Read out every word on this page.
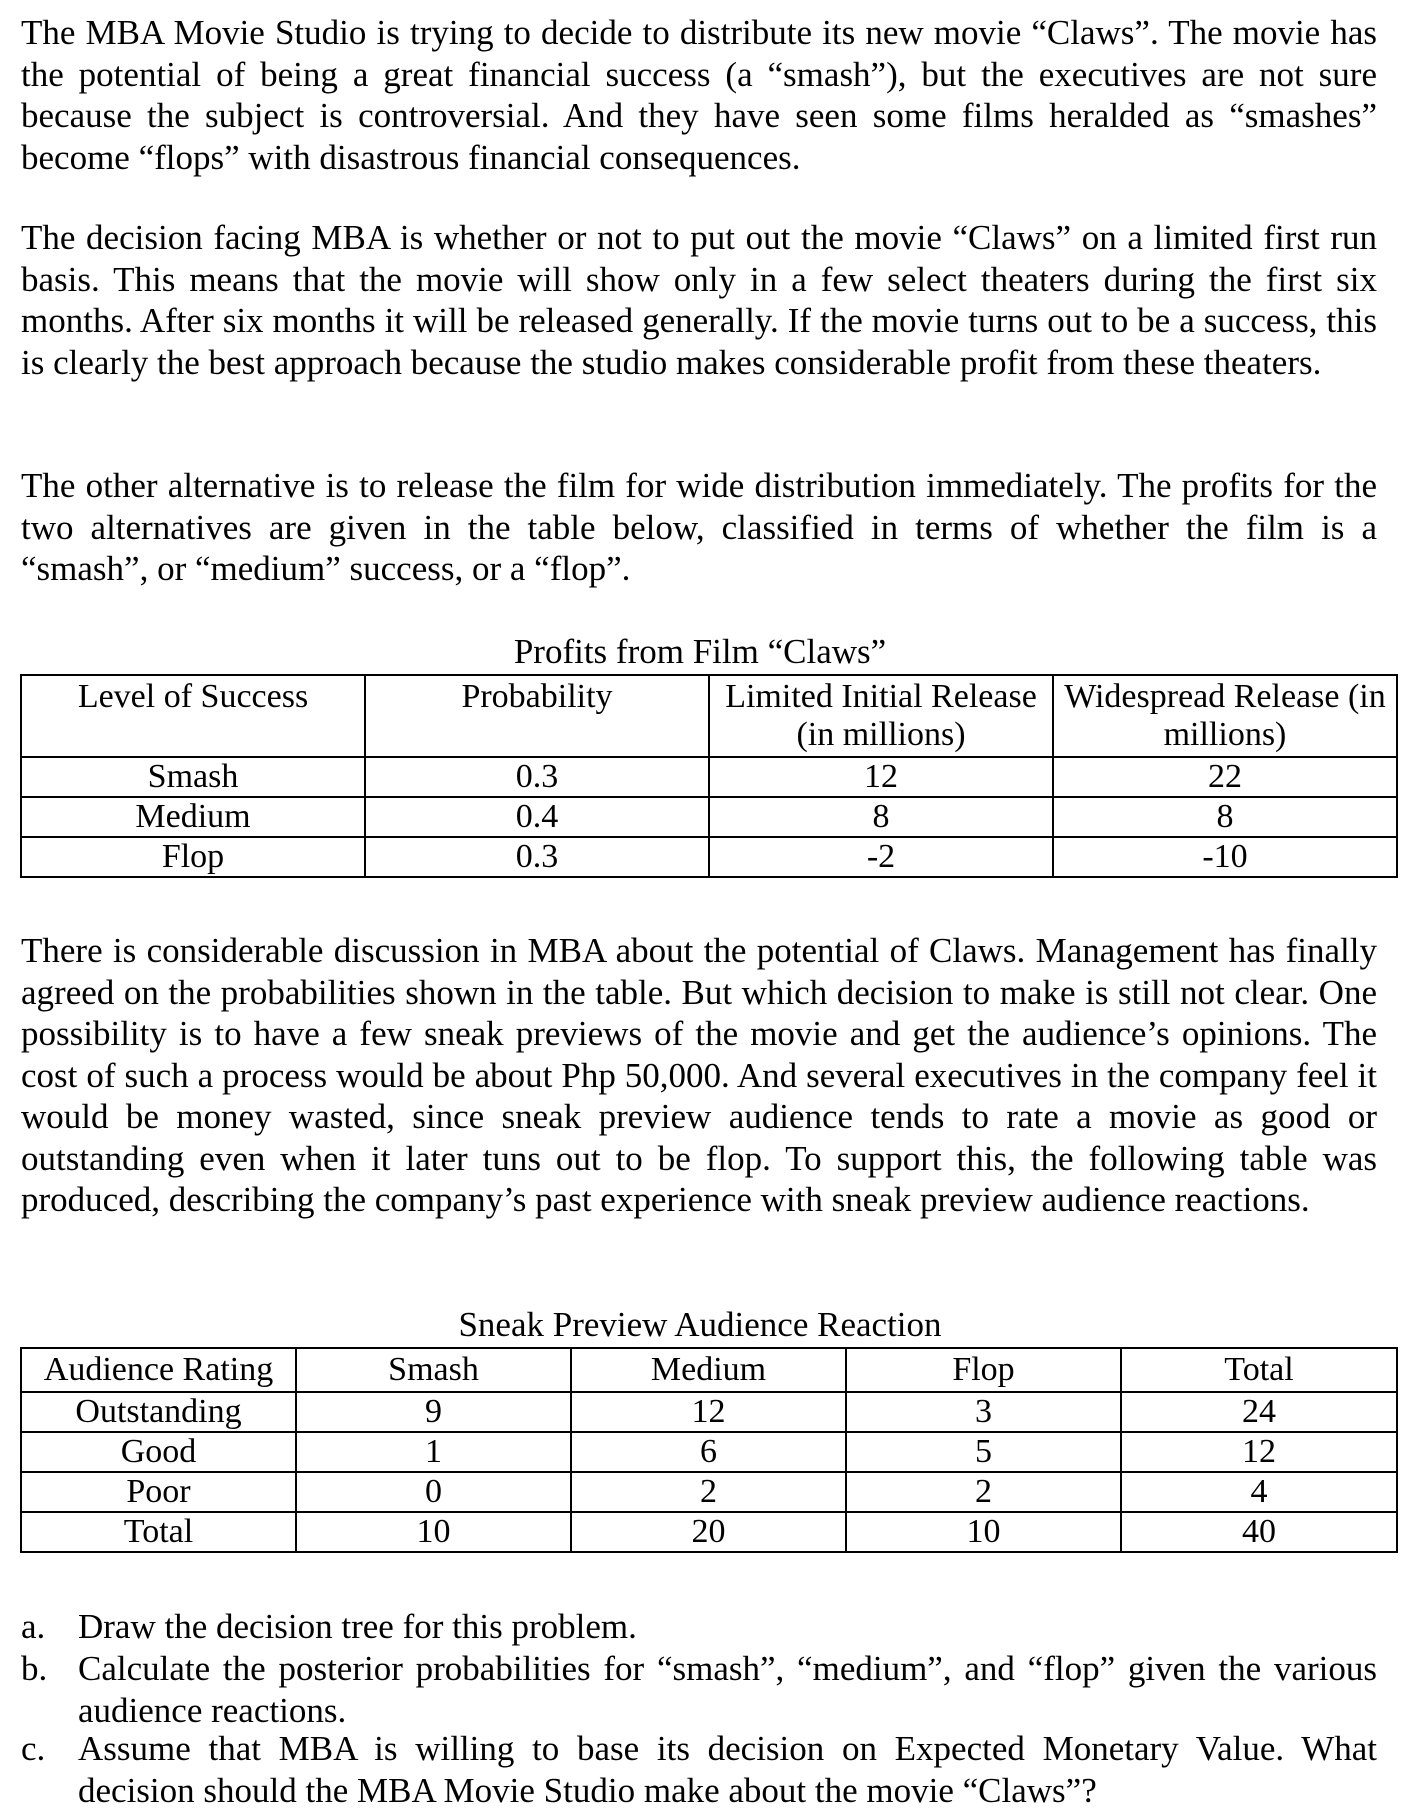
The MBA Movie Studio is trying to decide to distribute its new movie “Claws”. The movie has the potential of being a great financial success (a “smash”), but the executives are not sure because the subject is controversial. And they have seen some films heralded as “smashes” become “flops” with disastrous financial consequences.

The decision facing MBA is whether or not to put out the movie “Claws” on a limited first run basis. This means that the movie will show only in a few select theaters during the first six months. After six months it will be released generally. If the movie turns out to be a success, this is clearly the best approach because the studio makes considerable profit from these theaters.

The other alternative is to release the film for wide distribution immediately. The profits for the two alternatives are given in the table below, classified in terms of whether the film is a “smash”, or “medium” success, or a “flop”.

Profits from Film “Claws”

Level of Success	Probability	Limited Initial Release (in millions)	Widespread Release (in millions)
Smash	0.3	12	22
Medium	0.4	8	8
Flop	0.3	-2	-10

There is considerable discussion in MBA about the potential of Claws. Management has finally agreed on the probabilities shown in the table. But which decision to make is still not clear. One possibility is to have a few sneak previews of the movie and get the audience’s opinions. The cost of such a process would be about Php 50,000. And several executives in the company feel it would be money wasted, since sneak preview audience tends to rate a movie as good or outstanding even when it later tuns out to be flop. To support this, the following table was produced, describing the company’s past experience with sneak preview audience reactions.

Sneak Preview Audience Reaction

Audience Rating	Smash	Medium	Flop	Total
Outstanding	9	12	3	24
Good	1	6	5	12
Poor	0	2	2	4
Total	10	20	10	40
a. Draw the decision tree for this problem.
b. Calculate the posterior probabilities for “smash”, “medium”, and “flop” given the various audience reactions.
c. Assume that MBA is willing to base its decision on Expected Monetary Value. What decision should the MBA Movie Studio make about the movie “Claws”?
